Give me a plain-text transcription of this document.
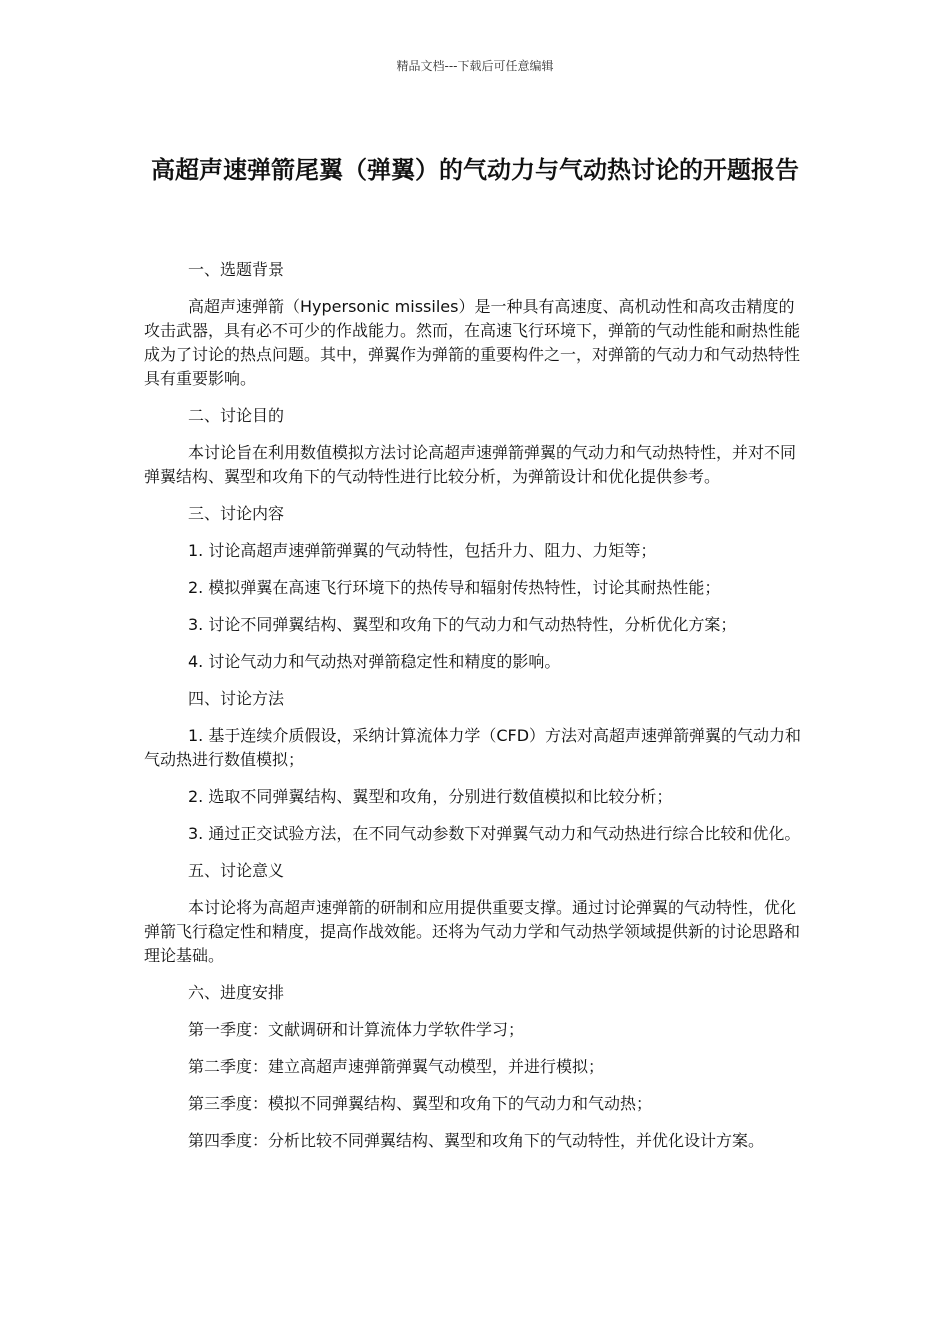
精品文档---下载后可任意编辑
高超声速弹箭尾翼（弹翼）的气动力与气动热讨论的开题报告

一、选题背景

高超声速弹箭（Hypersonic missiles）是一种具有高速度、高机动性和高攻击精度的攻击武器，具有必不可少的作战能力。然而，在高速飞行环境下，弹箭的气动性能和耐热性能成为了讨论的热点问题。其中，弹翼作为弹箭的重要构件之一，对弹箭的气动力和气动热特性具有重要影响。

二、讨论目的

本讨论旨在利用数值模拟方法讨论高超声速弹箭弹翼的气动力和气动热特性，并对不同弹翼结构、翼型和攻角下的气动特性进行比较分析，为弹箭设计和优化提供参考。

三、讨论内容

1. 讨论高超声速弹箭弹翼的气动特性，包括升力、阻力、力矩等；

2. 模拟弹翼在高速飞行环境下的热传导和辐射传热特性，讨论其耐热性能；

3. 讨论不同弹翼结构、翼型和攻角下的气动力和气动热特性，分析优化方案；

4. 讨论气动力和气动热对弹箭稳定性和精度的影响。

四、讨论方法

1. 基于连续介质假设，采纳计算流体力学（CFD）方法对高超声速弹箭弹翼的气动力和气动热进行数值模拟；

2. 选取不同弹翼结构、翼型和攻角，分别进行数值模拟和比较分析；

3. 通过正交试验方法，在不同气动参数下对弹翼气动力和气动热进行综合比较和优化。

五、讨论意义

本讨论将为高超声速弹箭的研制和应用提供重要支撑。通过讨论弹翼的气动特性，优化弹箭飞行稳定性和精度，提高作战效能。还将为气动力学和气动热学领域提供新的讨论思路和理论基础。

六、进度安排

第一季度：文献调研和计算流体力学软件学习；

第二季度：建立高超声速弹箭弹翼气动模型，并进行模拟；

第三季度：模拟不同弹翼结构、翼型和攻角下的气动力和气动热；

第四季度：分析比较不同弹翼结构、翼型和攻角下的气动特性，并优化设计方案。
